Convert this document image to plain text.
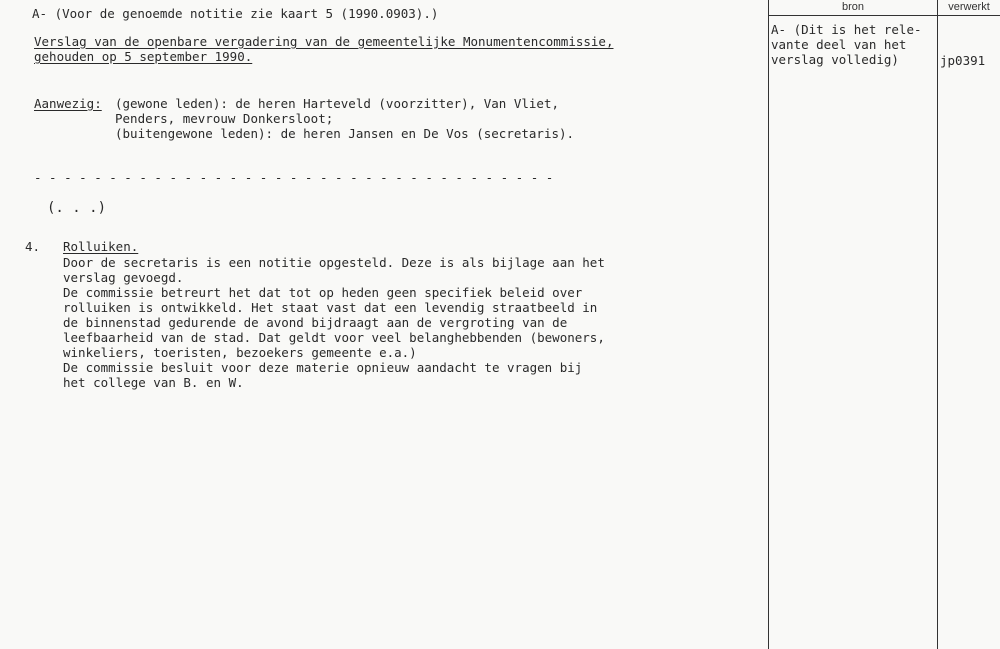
bron	verwerkt
A- (Dit is het rele-
vante deel van het
verslag volledig)	jp0391
A- (Voor de genoemde notitie zie kaart 5 (1990.0903).)
Verslag van de openbare vergadering van de gemeentelijke Monumentencommissie,
gehouden op 5 september 1990.
Aanwezig: (gewone leden): de heren Harteveld (voorzitter), Van Vliet,
Penders, mevrouw Donkersloot;
(buitengewone leden): de heren Jansen en De Vos (secretaris).
- - - - - - - - - - - - - - - - - - - - - - - - - - - - - - - - - - -
(. . .)
4. Rolluiken.
Door de secretaris is een notitie opgesteld. Deze is als bijlage aan het
verslag gevoegd.
De commissie betreurt het dat tot op heden geen specifiek beleid over
rolluiken is ontwikkeld. Het staat vast dat een levendig straatbeeld in
de binnenstad gedurende de avond bijdraagt aan de vergroting van de
leefbaarheid van de stad. Dat geldt voor veel belanghebbenden (bewoners,
winkeliers, toeristen, bezoekers gemeente e.a.)
De commissie besluit voor deze materie opnieuw aandacht te vragen bij
het college van B. en W.
